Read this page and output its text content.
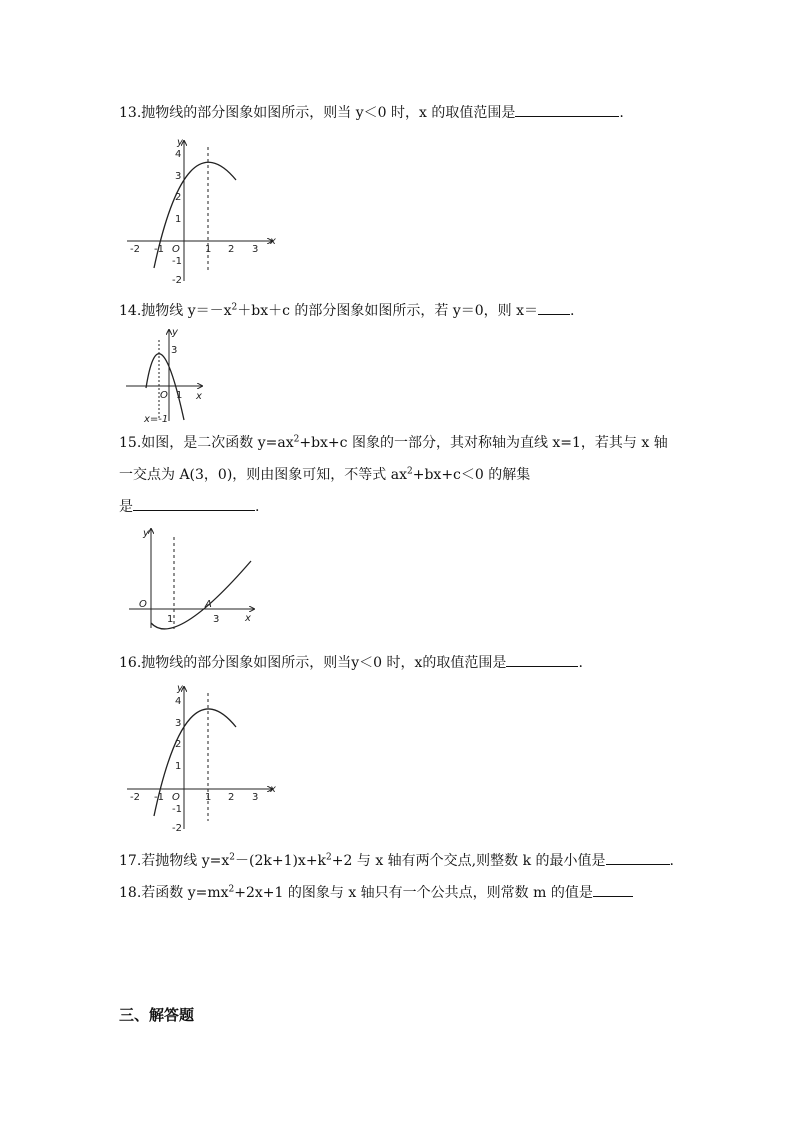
13.抛物线的部分图象如图所示，则当 y＜0 时，x 的取值范围是	.
y
x
O
-2 -1	1 2 3
4
3
2
1
-1
-2
14.抛物线 $y=-x^2+bx+c$ 的部分图象如图所示，若 y＝0，则 x＝ .
y
x
O
3
1
x=-1
15.如图，是二次函数 $y=ax^2+bx+c$ 图象的一部分，其对称轴为直线 x=1，若其与 x 轴
一交点为 A(3，0)，则由图象可知，不等式 $ax^2+bx+c<0$ 的解集
是	.
y
x
O	A
1	3
16.抛物线的部分图象如图所示，则当y＜0 时，x的取值范围是	.
y
x
O
-2 -1	1 2 3
4
3
2
1
-1
-2
17.若抛物线 $y=x^2-(2k+1)x+k^2+2$ 与 x 轴有两个交点,则整数 k 的最小值是	.
18.若函数 $y=mx^2+2x+1$ 的图象与 x 轴只有一个公共点，则常数 m 的值是
三、解答题
